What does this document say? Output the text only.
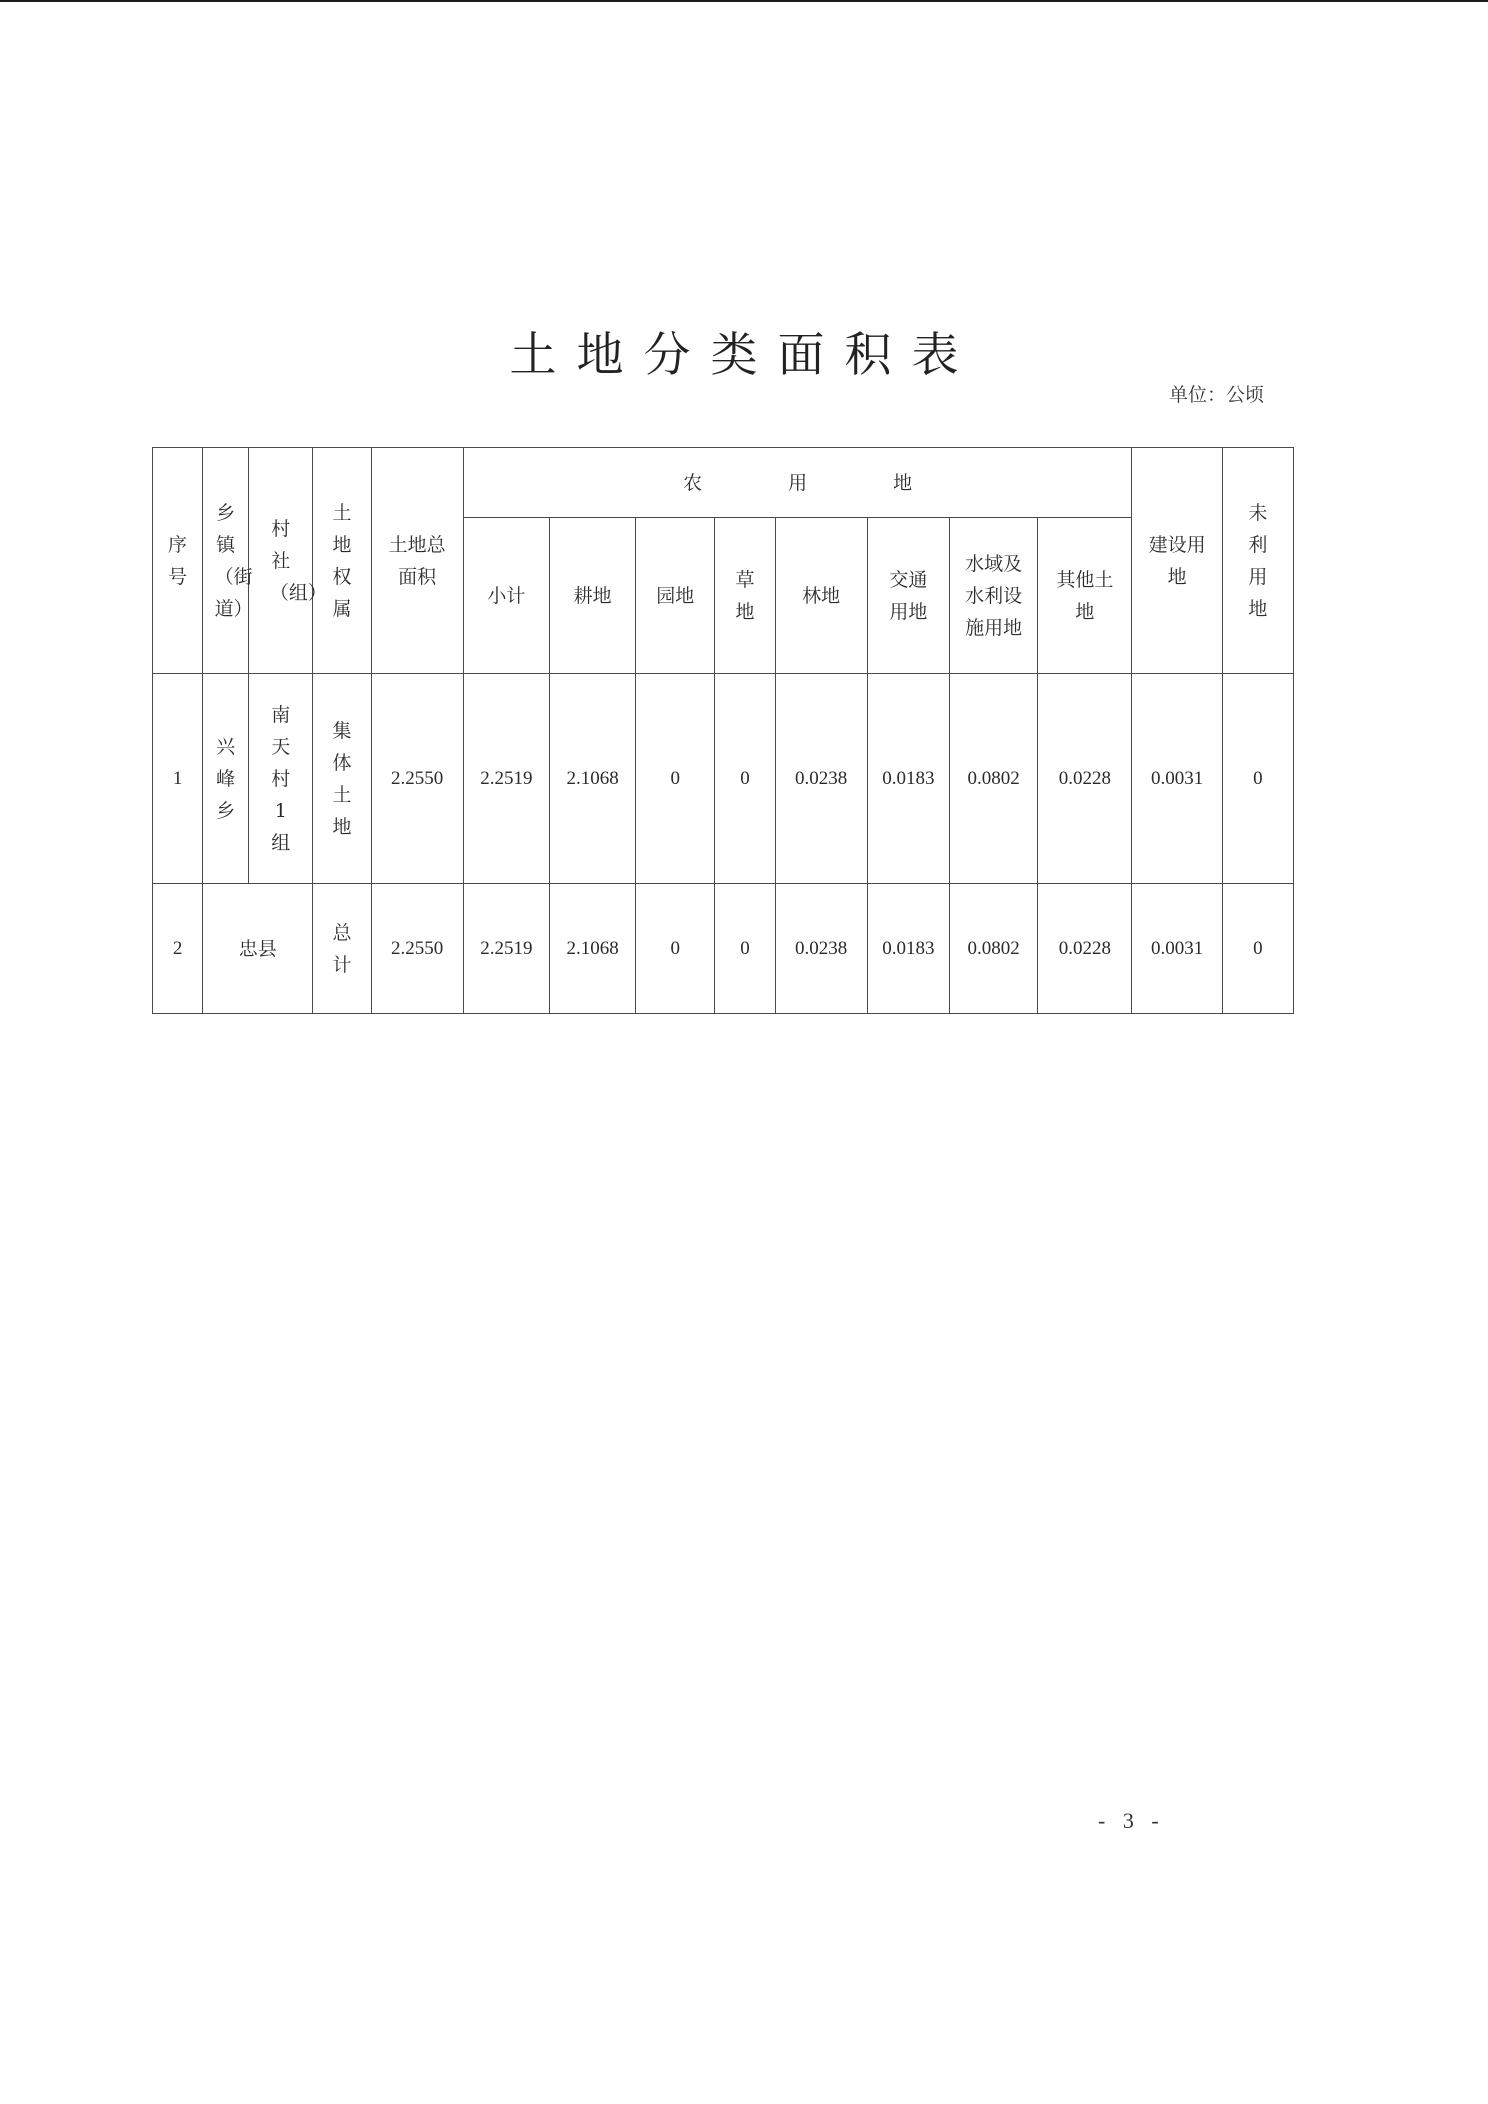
土地分类面积表
单位：公顷
序号	乡镇（街道）	村社（组）	土地权属	土地总面积	农用地								建设用地	未利用地
					小计	耕地	园地	草地	林地	交通用地	水域及水利设施用地	其他土地		
1	兴峰乡	南天村1组	集体土地	2.2550	2.2519	2.1068	0	0	0.0238	0.0183	0.0802	0.0228	0.0031	0
2	忠县		总计	2.2550	2.2519	2.1068	0	0	0.0238	0.0183	0.0802	0.0228	0.0031	0
- 3 -
